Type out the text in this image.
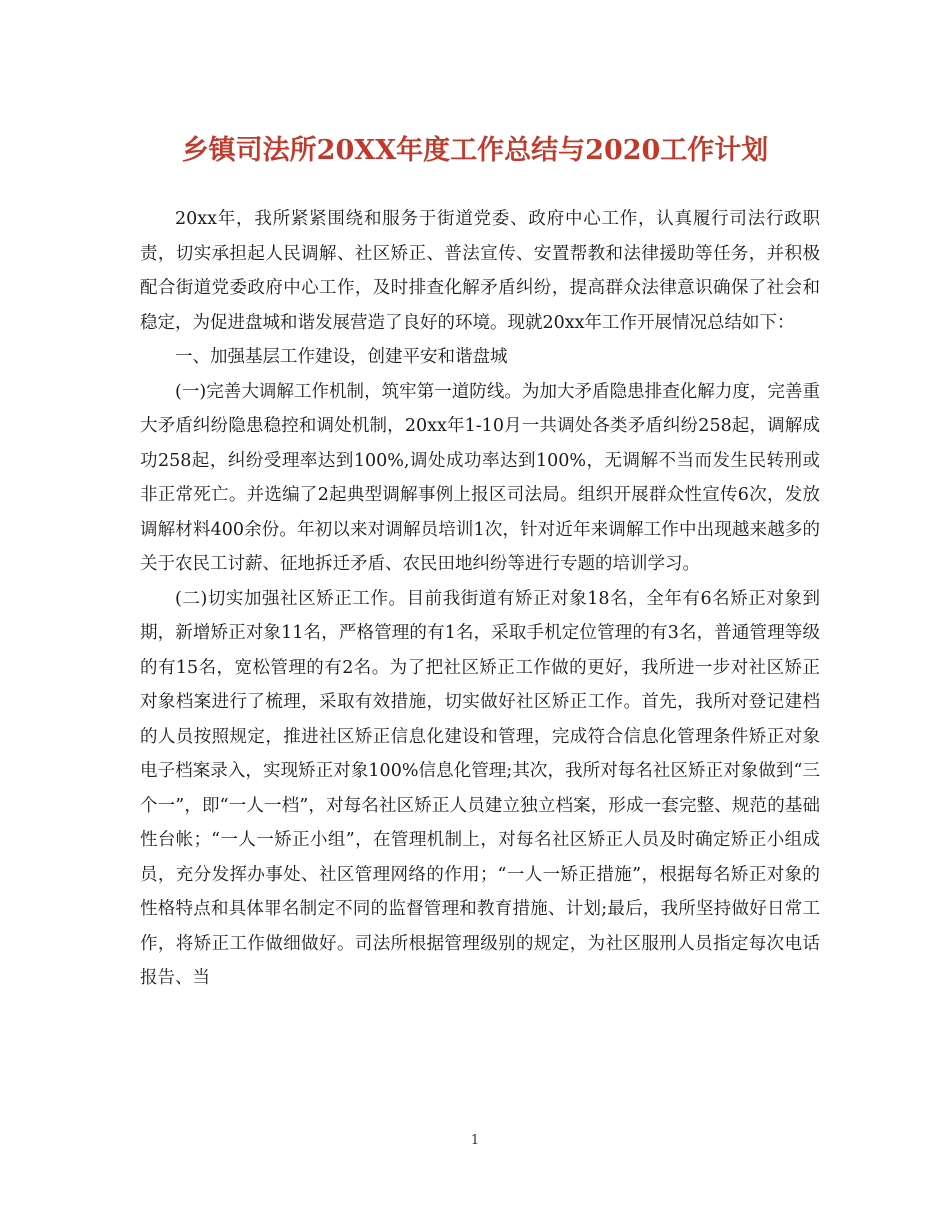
乡镇司法所20XX年度工作总结与2020工作计划

20xx年，我所紧紧围绕和服务于街道党委、政府中心工作，认真履行司法行政职责，切实承担起人民调解、社区矫正、普法宣传、安置帮教和法律援助等任务，并积极配合街道党委政府中心工作，及时排查化解矛盾纠纷，提高群众法律意识确保了社会和稳定，为促进盘城和谐发展营造了良好的环境。现就20xx年工作开展情况总结如下：

一、加强基层工作建设，创建平安和谐盘城

(一)完善大调解工作机制，筑牢第一道防线。为加大矛盾隐患排查化解力度，完善重大矛盾纠纷隐患稳控和调处机制，20xx年1-10月一共调处各类矛盾纠纷258起，调解成功258起，纠纷受理率达到100%,调处成功率达到100%，无调解不当而发生民转刑或非正常死亡。并选编了2起典型调解事例上报区司法局。组织开展群众性宣传6次，发放调解材料400余份。年初以来对调解员培训1次，针对近年来调解工作中出现越来越多的关于农民工讨薪、征地拆迁矛盾、农民田地纠纷等进行专题的培训学习。

(二)切实加强社区矫正工作。目前我街道有矫正对象18名，全年有6名矫正对象到期，新增矫正对象11名，严格管理的有1名，采取手机定位管理的有3名，普通管理等级的有15名，宽松管理的有2名。为了把社区矫正工作做的更好，我所进一步对社区矫正对象档案进行了梳理，采取有效措施，切实做好社区矫正工作。首先，我所对登记建档的人员按照规定，推进社区矫正信息化建设和管理，完成符合信息化管理条件矫正对象电子档案录入，实现矫正对象100%信息化管理;其次，我所对每名社区矫正对象做到“三个一”，即“一人一档”，对每名社区矫正人员建立独立档案，形成一套完整、规范的基础性台帐；“一人一矫正小组”，在管理机制上，对每名社区矫正人员及时确定矫正小组成员，充分发挥办事处、社区管理网络的作用；“一人一矫正措施”，根据每名矫正对象的性格特点和具体罪名制定不同的监督管理和教育措施、计划;最后，我所坚持做好日常工作，将矫正工作做细做好。司法所根据管理级别的规定，为社区服刑人员指定每次电话报告、当

1
